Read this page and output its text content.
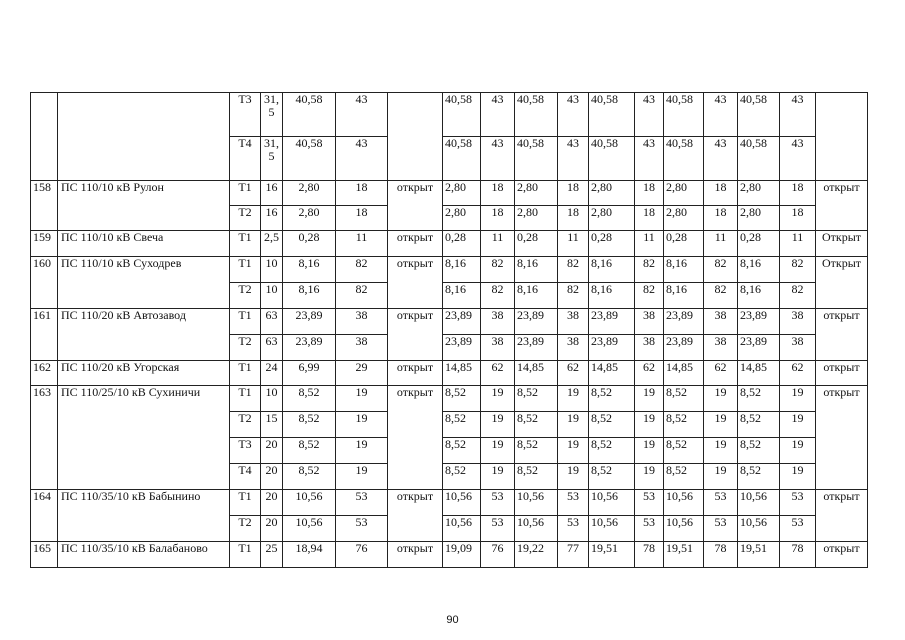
		Т3	31,5	40,58	43		40,58	43	40,58	43	40,58	43	40,58	43	40,58	43	
		Т4	31,5	40,58	43		40,58	43	40,58	43	40,58	43	40,58	43	40,58	43	
158	ПС 110/10 кВ Рулон	Т1	16	2,80	18	открыт	2,80	18	2,80	18	2,80	18	2,80	18	2,80	18	открыт
		Т2	16	2,80	18		2,80	18	2,80	18	2,80	18	2,80	18	2,80	18	
159	ПС 110/10 кВ Свеча	Т1	2,5	0,28	11	открыт	0,28	11	0,28	11	0,28	11	0,28	11	0,28	11	Открыт
160	ПС 110/10 кВ Суходрев	Т1	10	8,16	82	открыт	8,16	82	8,16	82	8,16	82	8,16	82	8,16	82	Открыт
		Т2	10	8,16	82		8,16	82	8,16	82	8,16	82	8,16	82	8,16	82	
161	ПС 110/20 кВ Автозавод	Т1	63	23,89	38	открыт	23,89	38	23,89	38	23,89	38	23,89	38	23,89	38	открыт
		Т2	63	23,89	38		23,89	38	23,89	38	23,89	38	23,89	38	23,89	38	
162	ПС 110/20 кВ Угорская	Т1	24	6,99	29	открыт	14,85	62	14,85	62	14,85	62	14,85	62	14,85	62	открыт
163	ПС 110/25/10 кВ Сухиничи	Т1	10	8,52	19	открыт	8,52	19	8,52	19	8,52	19	8,52	19	8,52	19	открыт
		Т2	15	8,52	19		8,52	19	8,52	19	8,52	19	8,52	19	8,52	19	
		Т3	20	8,52	19		8,52	19	8,52	19	8,52	19	8,52	19	8,52	19	
		Т4	20	8,52	19		8,52	19	8,52	19	8,52	19	8,52	19	8,52	19	
164	ПС 110/35/10 кВ Бабынино	Т1	20	10,56	53	открыт	10,56	53	10,56	53	10,56	53	10,56	53	10,56	53	открыт
		Т2	20	10,56	53		10,56	53	10,56	53	10,56	53	10,56	53	10,56	53	
165	ПС 110/35/10 кВ Балабаново	Т1	25	18,94	76	открыт	19,09	76	19,22	77	19,51	78	19,51	78	19,51	78	открыт
90
